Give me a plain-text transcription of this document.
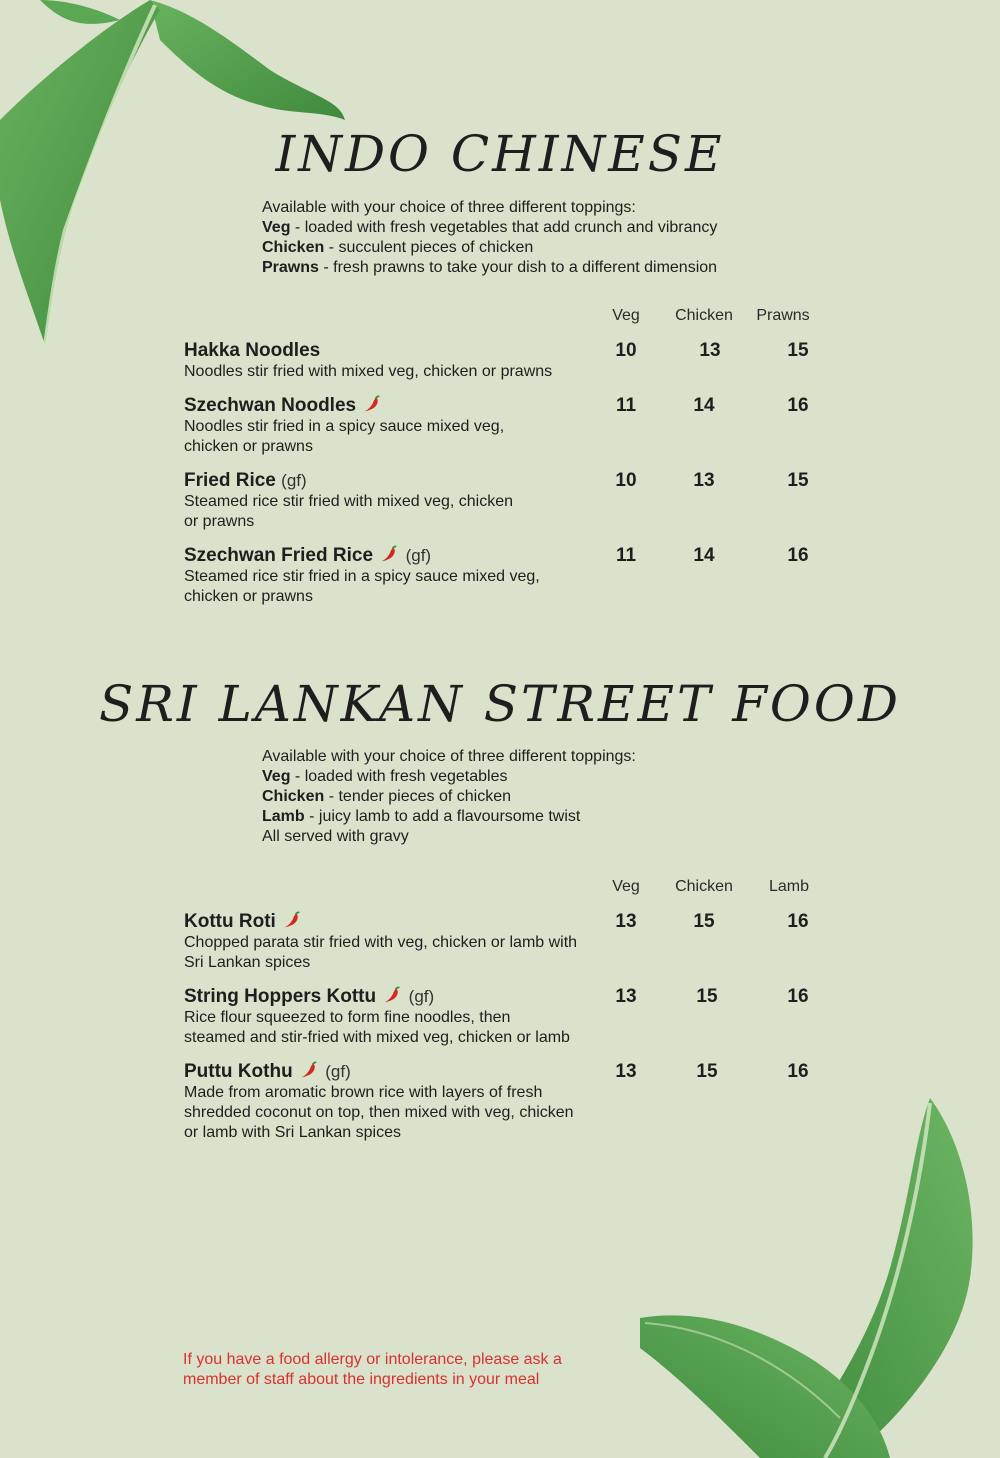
INDO CHINESE
Available with your choice of three different toppings:
Veg - loaded with fresh vegetables that add crunch and vibrancy
Chicken - succulent pieces of chicken
Prawns - fresh prawns to take your dish to a different dimension
Veg	Chicken	Prawns
Hakka Noodles
Noodles stir fried with mixed veg, chicken or prawns
10	13	15
Szechwan Noodles
Noodles stir fried in a spicy sauce mixed veg,
chicken or prawns
11	14	16
Fried Rice (gf)
Steamed rice stir fried with mixed veg, chicken
or prawns
10	13	15
Szechwan Fried Rice (gf)
Steamed rice stir fried in a spicy sauce mixed veg,
chicken or prawns
11	14	16
SRI LANKAN STREET FOOD
Available with your choice of three different toppings:
Veg - loaded with fresh vegetables
Chicken - tender pieces of chicken
Lamb - juicy lamb to add a flavoursome twist
All served with gravy
Veg	Chicken	Lamb
Kottu Roti
Chopped parata stir fried with veg, chicken or lamb with
Sri Lankan spices
13	15	16
String Hoppers Kottu (gf)
Rice flour squeezed to form fine noodles, then
steamed and stir-fried with mixed veg, chicken or lamb
13	15	16
Puttu Kothu (gf)
Made from aromatic brown rice with layers of fresh
shredded coconut on top, then mixed with veg, chicken
or lamb with Sri Lankan spices
13	15	16
If you have a food allergy or intolerance, please ask a
member of staff about the ingredients in your meal
